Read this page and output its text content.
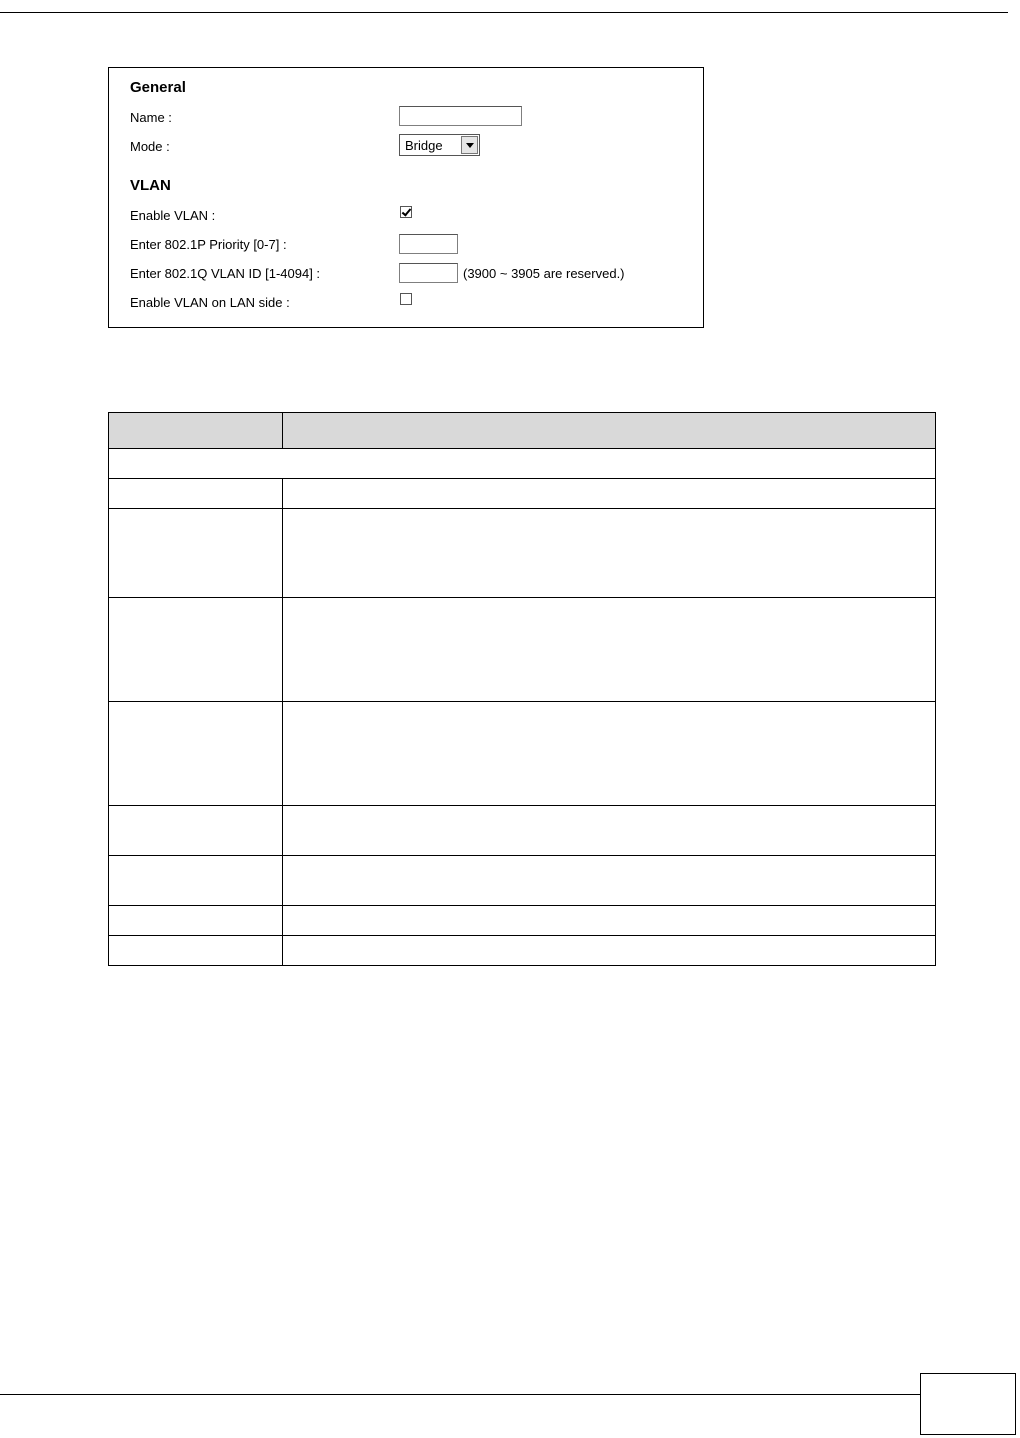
General
Name :
Mode :	Bridge
VLAN
Enable VLAN :
Enter 802.1P Priority [0-7] :
Enter 802.1Q VLAN ID [1-4094] :	(3900 ~ 3905 are reserved.)
Enable VLAN on LAN side :
